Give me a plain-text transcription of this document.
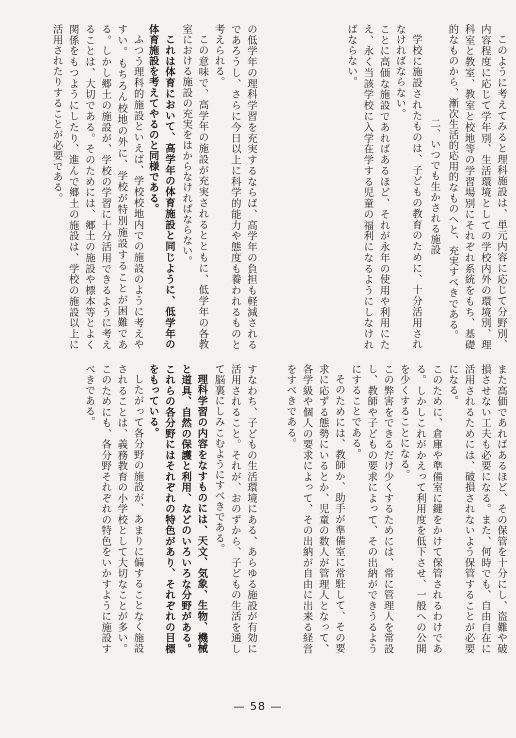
このように考えてみると理科施設は、単元内容に応じて分野別、内容程度に応じて学年別、生活環境としての学校内外の環境別、理科室と教室、教室と校地等の学習場別にそれぞれ系統をもち、基礎的なものから、漸次生活的応用的なものへと、充実すべきである。
二、いつでも生かされる施設
学校に施設されたものは、子どもの教育のために、十分活用されなければならない。
ことに高価な施設であればあるほど、それが永年の使用や利用にたえ、永く当該学校に入学在学する児童の福利になるようにしなければならない。
また高価であればあるほど、その保管を十分にし、盗難や破損させない工夫も必要になる。また、何時でも、自由自在に活用されるためには、破損されないよう保管することが必要になる。
このために、倉庫や準備室に鍵をかけて保管されるわけである。しかしこれがかえって利用度を低下させ、一般への公開を少くすることになる。
この弊害をできるだけ少くするためには、常に管理人を常設し、教師や子どもの要求によって、その出納ができうるようにすることである。
そのためには、教師か、助手が準備室に常駐して、その要求に応ずる態勢にいるとか、児童の数人が管理人となって、各学級や個人の要求によって、その出納が自由に出来る経営をすべきである。
の低学年の理科学習を充実するならば、高学年の負担も軽減されるであろうし、さらに今日以上に科学的能力や態度も養われるものと考えられる。
この意味で、高学年の施設が充実されるとともに、低学年の各教室における施設の充実をはからなければならない。
これは体育において、高学年の体育施設と同じように、低学年の体育施設を考えてやるのと同様である。
ふつう理科的施設といえば、学校校地内での施設のように考えやすい。もちろん校地の外に、学校が特別施設することが困難である。しかし郷土の施設が、学校の学習に十分活用できるように考えることは、大切である。そのためには、郷土の施設や標本等とよく関係をもつようにしたり、進んで郷土の施設は、学校の施設以上に活用されたりすることが必要である。
すなわち、子どもの生活環境にある、あらゆる施設が有効に活用されること。それが、おのずから、子どもの生活を通して脳裏にしみこむようにすべきである。
理科学習の内容をなすものには、天文、気象、生物、機械と道具、自然の保護と利用、などのいろいろな分野がある。これらの各分野にはそれぞれの特色があり、それぞれの目標をもっている。
したがって各分野の施設が、あまりに偏することなく施設されることは、義務教育の小学校として大切なことが多い。このためにも、各分野それぞれの特色をいかすように施設すべきである。
— 58 —
